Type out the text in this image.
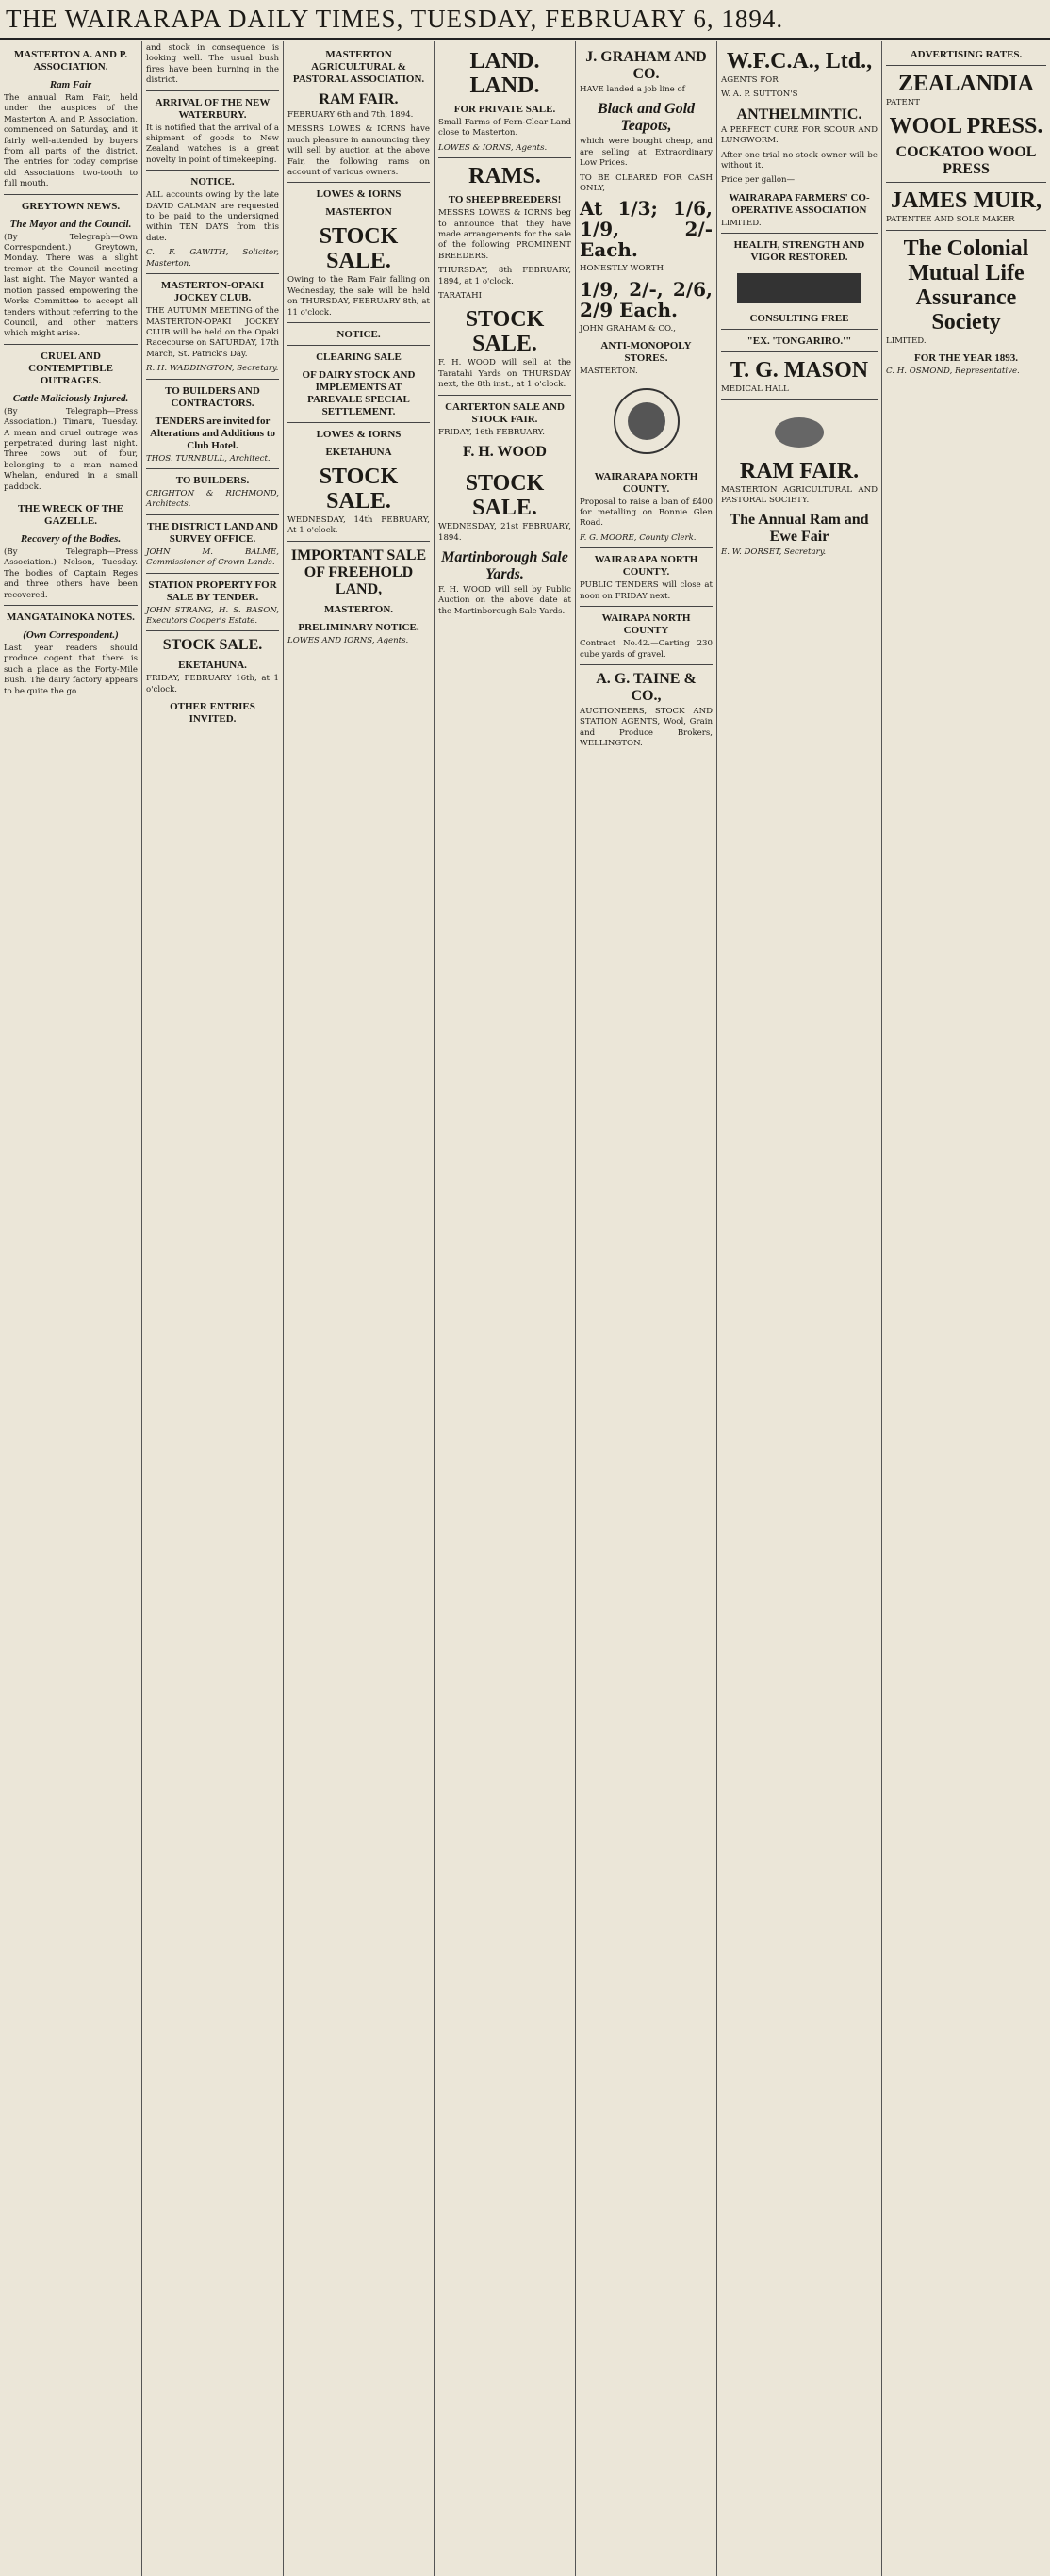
THE WAIRARAPA DAILY TIMES, TUESDAY, FEBRUARY 6, 1894.
MASTERTON A. AND P. ASSOCIATION.
Ram Fair

The annual Ram Fair, held under the auspices of the Masterton A. and P. Association, commenced on Saturday, and it fairly well-attended by buyers from all parts of the district. The entries for today comprise old Associations two-tooth to full mouth.

GREYTOWN NEWS.
The Mayor and the Council.

(By Telegraph—Own Correspondent.) Greytown, Monday. There was a slight tremor at the Council meeting last night. The Mayor wanted a motion passed empowering the Works Committee to accept all tenders without referring to the Council, and other matters which might arise.

CRUEL AND CONTEMPTIBLE OUTRAGES.
Cattle Maliciously Injured.

(By Telegraph—Press Association.) Timaru, Tuesday. A mean and cruel outrage was perpetrated during last night. Three cows out of four, belonging to a man named Whelan, endured in a small paddock.

THE WRECK OF THE GAZELLE.
Recovery of the Bodies.

(By Telegraph—Press Association.) Nelson, Tuesday. The bodies of Captain Reges and three others have been recovered.

MANGATAINOKA NOTES.
(Own Correspondent.)

Last year readers should produce cogent that there is such a place as the Forty-Mile Bush. The dairy factory appears to be quite the go.

and stock in consequence is looking well. The usual bush fires have been burning in the district.

ARRIVAL OF THE NEW WATERBURY.

It is notified that the arrival of a shipment of goods to New Zealand watches is a great novelty in point of timekeeping.

NOTICE.

ALL accounts owing by the late DAVID CALMAN are requested to be paid to the undersigned within TEN DAYS from this date.

C. F. GAWITH, Solicitor, Masterton.

MASTERTON-OPAKI JOCKEY CLUB.

THE AUTUMN MEETING of the MASTERTON-OPAKI JOCKEY CLUB will be held on the Opaki Racecourse on SATURDAY, 17th March, St. Patrick's Day.

R. H. WADDINGTON, Secretary.

TO BUILDERS AND CONTRACTORS.
TENDERS are invited for Alterations and Additions to Club Hotel.

THOS. TURNBULL, Architect.

TO BUILDERS.

CRIGHTON & RICHMOND, Architects.

THE DISTRICT LAND AND SURVEY OFFICE.

JOHN M. BALME, Commissioner of Crown Lands.

STATION PROPERTY FOR SALE BY TENDER.

JOHN STRANG, H. S. BASON, Executors Cooper's Estate.

STOCK SALE.
EKETAHUNA.

FRIDAY, FEBRUARY 16th, at 1 o'clock.

OTHER ENTRIES INVITED.
MASTERTON AGRICULTURAL & PASTORAL ASSOCIATION.
RAM FAIR.

FEBRUARY 6th and 7th, 1894.

MESSRS LOWES & IORNS have much pleasure in announcing they will sell by auction at the above Fair, the following rams on account of various owners.

LOWES & IORNS
MASTERTON
STOCK SALE.

Owing to the Ram Fair falling on Wednesday, the sale will be held on THURSDAY, FEBRUARY 8th, at 11 o'clock.

NOTICE.
CLEARING SALE
OF DAIRY STOCK AND IMPLEMENTS AT PAREVALE SPECIAL SETTLEMENT.
LOWES & IORNS
EKETAHUNA
STOCK SALE.

WEDNESDAY, 14th FEBRUARY, At 1 o'clock.

IMPORTANT SALE OF FREEHOLD LAND,
MASTERTON.
PRELIMINARY NOTICE.

LOWES AND IORNS, Agents.

LAND. LAND.
FOR PRIVATE SALE.

Small Farms of Fern-Clear Land close to Masterton.

LOWES & IORNS, Agents.

RAMS.
TO SHEEP BREEDERS!

MESSRS LOWES & IORNS beg to announce that they have made arrangements for the sale of the following PROMINENT BREEDERS.

THURSDAY, 8th FEBRUARY, 1894, at 1 o'clock.

TARATAHI

STOCK SALE.

F. H. WOOD will sell at the Taratahi Yards on THURSDAY next, the 8th inst., at 1 o'clock.

CARTERTON SALE AND STOCK FAIR.

FRIDAY, 16th FEBRUARY.

F. H. WOOD
STOCK SALE.

WEDNESDAY, 21st FEBRUARY, 1894.

Martinborough Sale Yards.

F. H. WOOD will sell by Public Auction on the above date at the Martinborough Sale Yards.

J. GRAHAM AND CO.

HAVE landed a job line of

Black and Gold Teapots,

which were bought cheap, and are selling at Extraordinary Low Prices.

TO BE CLEARED FOR CASH ONLY,

At 1/3; 1/6, 1/9, 2/- Each.

HONESTLY WORTH

1/9, 2/-, 2/6, 2/9 Each.

JOHN GRAHAM & CO.,

ANTI-MONOPOLY STORES.

MASTERTON.

WAIRARAPA NORTH COUNTY.

Proposal to raise a loan of £400 for metalling on Bonnie Glen Road.

F. G. MOORE, County Clerk.

WAIRARAPA NORTH COUNTY.

PUBLIC TENDERS will close at noon on FRIDAY next.

WAIRAPA NORTH COUNTY

Contract No.42.—Carting 230 cube yards of gravel.

A. G. TAINE & CO.,

AUCTIONEERS, STOCK AND STATION AGENTS, Wool, Grain and Produce Brokers, WELLINGTON.

W.F.C.A., Ltd.,

AGENTS FOR

W. A. P. SUTTON'S

ANTHELMINTIC.

A PERFECT CURE FOR SCOUR AND LUNGWORM.

After one trial no stock owner will be without it.

Price per gallon—

WAIRARAPA FARMERS' CO-OPERATIVE ASSOCIATION

LIMITED.

HEALTH, STRENGTH AND VIGOR RESTORED.
CONSULTING FREE
"EX. 'TONGARIRO.'"
T. G. MASON

MEDICAL HALL

RAM FAIR.

MASTERTON AGRICULTURAL AND PASTORAL SOCIETY.

The Annual Ram and Ewe Fair

E. W. DORSET, Secretary.

ADVERTISING RATES.
ZEALANDIA

PATENT

WOOL PRESS.
COCKATOO WOOL PRESS
JAMES MUIR,

PATENTEE AND SOLE MAKER

The Colonial Mutual Life Assurance Society

LIMITED.

FOR THE YEAR 1893.

C. H. OSMOND, Representative.
